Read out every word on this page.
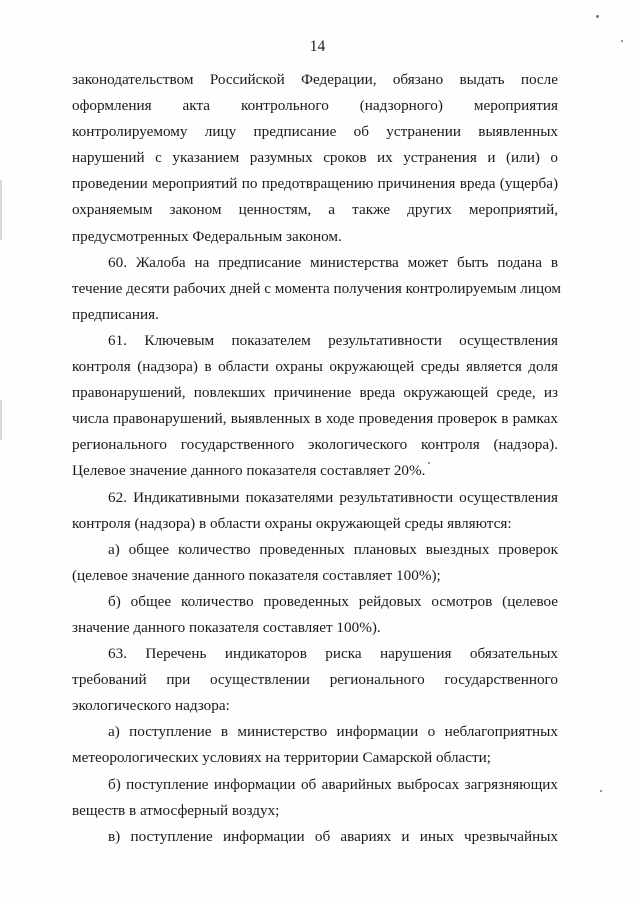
14

законодательством Российской Федерации, обязано выдать после
оформления акта контрольного (надзорного) мероприятия
контролируемому лицу предписание об устранении выявленных
нарушений с указанием разумных сроков их устранения и (или) о
проведении мероприятий по предотвращению причинения вреда (ущерба)
охраняемым законом ценностям, а также других мероприятий,
предусмотренных Федеральным законом.

60. Жалоба на предписание министерства может быть подана в
течение десяти рабочих дней с момента получения контролируемым лицом
предписания.

61. Ключевым показателем результативности осуществления
контроля (надзора) в области охраны окружающей среды является доля
правонарушений, повлекших причинение вреда окружающей среде, из
числа правонарушений, выявленных в ходе проведения проверок в рамках
регионального государственного экологического контроля (надзора).
Целевое значение данного показателя составляет 20%.

62. Индикативными показателями результативности осуществления
контроля (надзора) в области охраны окружающей среды являются:

а) общее количество проведенных плановых выездных проверок
(целевое значение данного показателя составляет 100%);

б) общее количество проведенных рейдовых осмотров (целевое
значение данного показателя составляет 100%).

63. Перечень индикаторов риска нарушения обязательных
требований при осуществлении регионального государственного
экологического надзора:

а) поступление в министерство информации о неблагоприятных
метеорологических условиях на территории Самарской области;

б) поступление информации об аварийных выбросах загрязняющих
веществ в атмосферный воздух;

в) поступление информации об авариях и иных чрезвычайных
